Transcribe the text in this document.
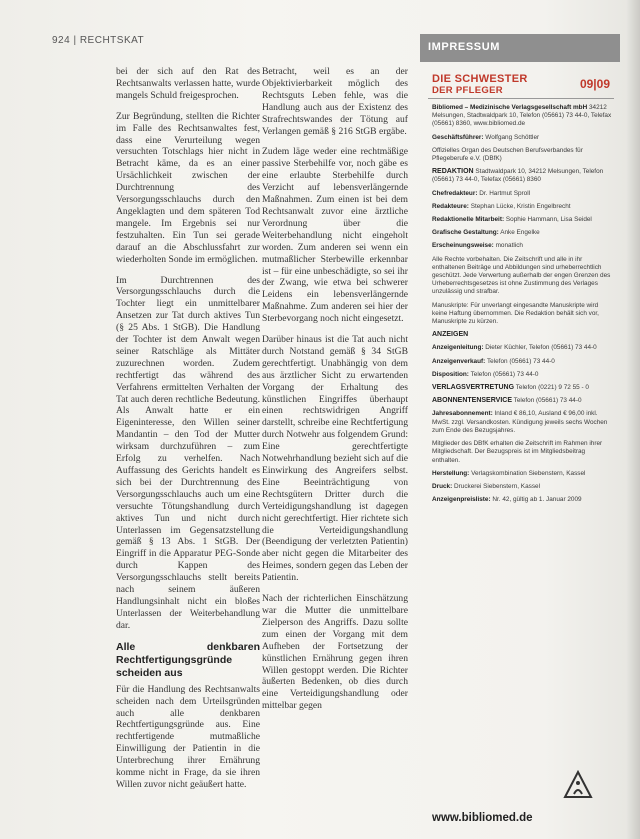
924 | RECHTSKAT

bei der sich auf den Rat des Rechtsanwalts verlassen hatte, wurde mangels Schuld freigesprochen.

Zur Begründung, stellten die Richter im Falle des Rechtsanwaltes fest, dass eine Verurteilung wegen versuchten Totschlags hier nicht in Betracht käme, da es an einer Ursächlichkeit zwischen der Durchtrennung des Versorgungsschlauchs durch den Angeklagten und dem späteren Tod mangele. Im Ergebnis sei nur festzuhalten. Ein Tun sei gerade darauf an die Abschlussfahrt zur wiederholten Sonde im ermöglichen.

Im Durchtrennen des Versorgungsschlauchs durch die Tochter liegt ein unmittelbarer Ansetzen zur Tat durch aktives Tun (§ 25 Abs. 1 StGB). Die Handlung der Tochter ist dem Anwalt wegen seiner Ratschläge als Mittäter zuzurechnen worden. Zudem rechtfertigt das während des Verfahrens ermittelten Verhalten der Tat auch deren rechtliche Bedeutung. Als Anwalt hatte er ein Eigeninteresse, den Willen seiner Mandantin – den Tod der Mutter wirksam durchzuführen – zum Erfolg zu verhelfen. Nach Auffassung des Gerichts handelt es sich bei der Durchtrennung des Versorgungsschlauchs auch um eine versuchte Tötungshandlung durch aktives Tun und nicht durch Unterlassen im Gegensatzstellung gemäß § 13 Abs. 1 StGB. Der Eingriff in die Apparatur PEG-Sonde durch Kappen des Versorgungsschlauchs stellt bereits nach seinem äußeren Handlungsinhalt nicht ein bloßes Unterlassen der Weiterbehandlung dar.

Alle denkbaren Rechtfertigungsgründe scheiden aus

Für die Handlung des Rechtsanwalts scheiden nach dem Urteilsgründen auch alle denkbaren Rechtfertigungsgründe aus. Eine rechtfertigende mutmaßliche Einwilligung der Patientin in die Unterbrechung ihrer Ernährung komme nicht in Frage, da sie ihren Willen zuvor nicht geäußert hatte.

Betracht, weil es an der Objektivierbarkeit möglich des Rechtsguts Leben fehle, was die Handlung auch aus der Existenz des Strafrechtswandes der Tötung auf Verlangen gemäß § 216 StGB ergäbe.

Zudem läge weder eine rechtmäßige passive Sterbehilfe vor, noch gäbe es eine erlaubte Sterbehilfe durch Verzicht auf lebensverlängernde Maßnahmen. Zum einen ist bei dem Rechtsanwalt zuvor eine ärztliche Verordnung über die Weiterbehandlung nicht eingeholt worden. Zum anderen sei wenn ein mutmaßlicher Sterbewille erkennbar ist – für eine unbeschädigte, so sei ihr der Zwang, wie etwa bei schwerer Leidens ein lebensverlängernde Maßnahme. Zum anderen sei hier der Sterbevorgang noch nicht eingesetzt.

Darüber hinaus ist die Tat auch nicht durch Notstand gemäß § 34 StGB gerechtfertigt. Unabhängig von dem aus ärztlicher Sicht zu erwartenden Vorgang der Erhaltung des künstlichen Eingriffes überhaupt einen rechtswidrigen Angriff darstellt, schreibe eine Rechtfertigung durch Notwehr aus folgendem Grund: Eine gerechtfertigte Notwehrhandlung bezieht sich auf die Einwirkung des Angreifers selbst. Eine Beeinträchtigung von Rechtsgütern Dritter durch die Verteidigungshandlung ist dagegen nicht gerechtfertigt. Hier richtete sich die Verteidigungshandlung (Beendigung der verletzten Patientin) aber nicht gegen die Mitarbeiter des Heimes, sondern gegen das Leben der Patientin.

Nach der richterlichen Einschätzung war die Mutter die unmittelbare Zielperson des Angriffs. Dazu sollte zum einen der Vorgang mit dem Aufheben der Fortsetzung der künstlichen Ernährung gegen ihren Willen gestoppt werden. Die Richter äußerten Bedenken, ob dies durch eine Verteidigungshandlung oder mittelbar gegen

IMPRESSUM
DIE SCHWESTER
DER PFLEGER	09|09
Bibliomed – Medizinische Verlagsgesellschaft mbH 34212 Melsungen, Stadtwaldpark 10, Telefon (05661) 73 44-0, Telefax (05661) 8360, www.bibliomed.de
Geschäftsführer: Wolfgang Schöttler
Offizielles Organ des Deutschen Berufsverbandes für Pflegeberufe e.V. (DBfK)
REDAKTION Stadtwaldpark 10, 34212 Melsungen, Telefon (05661) 73 44-0, Telefax (05661) 8360
Chefredakteur: Dr. Hartmut Sproll
Redakteure: Stephan Lücke, Kristin Engelbrecht
Redaktionelle Mitarbeit: Sophie Hammann, Lisa Seidel
Grafische Gestaltung: Anke Engelke
Erscheinungsweise: monatlich
Alle Rechte vorbehalten. Die Zeitschrift und alle in ihr enthaltenen Beiträge und Abbildungen sind urheberrechtlich geschützt. Jede Verwertung außerhalb der engen Grenzen des Urheberrechtsgesetzes ist ohne Zustimmung des Verlages unzulässig und strafbar.
Manuskripte: Für unverlangt eingesandte Manuskripte wird keine Haftung übernommen. Die Redaktion behält sich vor, Manuskripte zu kürzen.
ANZEIGEN
Anzeigenleitung: Dieter Küchler, Telefon (05661) 73 44-0
Anzeigenverkauf: Telefon (05661) 73 44-0
Disposition: Telefon (05661) 73 44-0
VERLAGSVERTRETUNG Telefon (0221) 9 72 55 - 0
ABONNENTENSERVICE Telefon (05661) 73 44-0
Jahresabonnement: Inland € 86,10, Ausland € 96,00 inkl. MwSt. zzgl. Versandkosten. Kündigung jeweils sechs Wochen zum Ende des Bezugsjahres.
Mitglieder des DBfK erhalten die Zeitschrift im Rahmen ihrer Mitgliedschaft. Der Bezugspreis ist im Mitgliedsbeitrag enthalten.
Herstellung: Verlagskombination Siebenstern, Kassel
Druck: Druckerei Siebenstern, Kassel
Anzeigenpreisliste: Nr. 42, gültig ab 1. Januar 2009
www.bibliomed.de
